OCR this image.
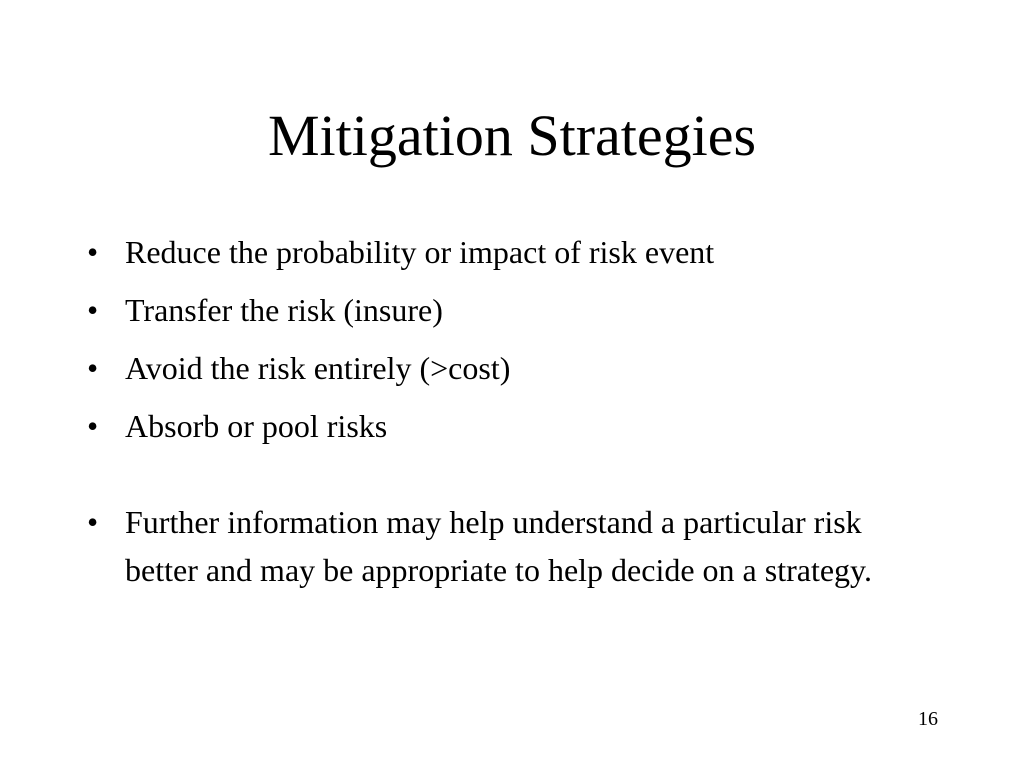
Mitigation Strategies
• Reduce the probability or impact of risk event
• Transfer the risk (insure)
• Avoid the risk entirely (>cost)
• Absorb or pool risks
• Further information may help understand a particular risk better and may be appropriate to help decide on a strategy.
16
